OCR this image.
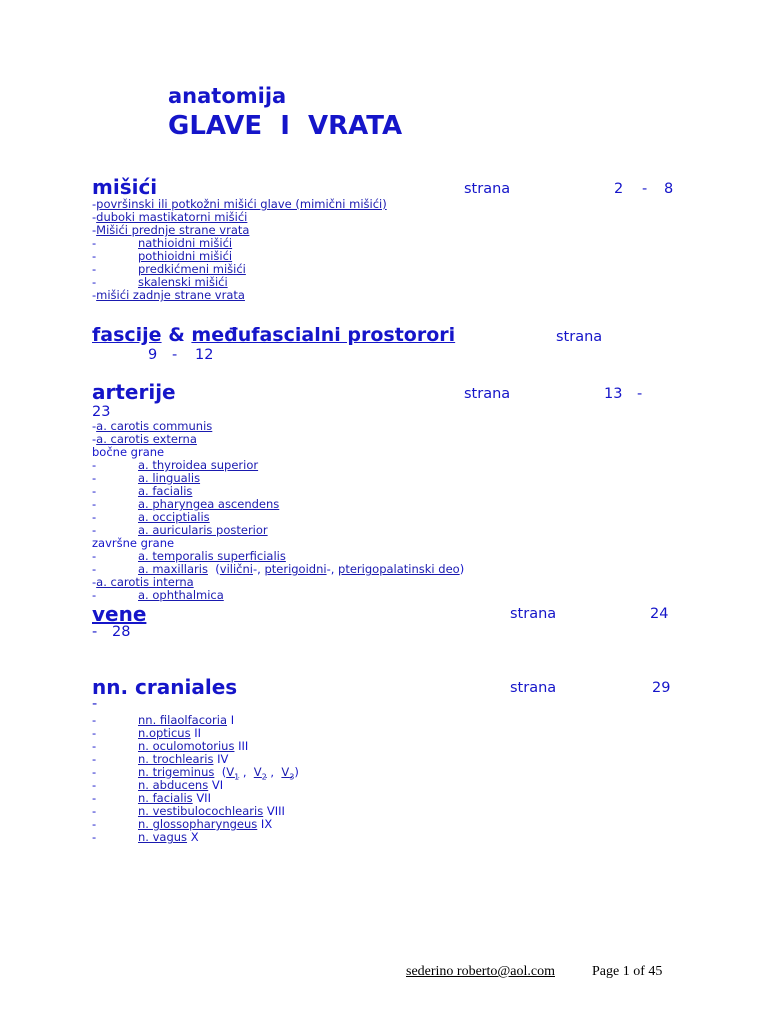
anatomija
GLAVE  I  VRATA
mišići	strana	2 - 8
-površinski ili potkožni mišići glave (mimični mišići)
-duboki mastikatorni mišići
-Mišići prednje strane vrata
-	nathioidni mišići
-	pothioidni mišići
-	predkićmeni mišići
-	skalenski mišići
-mišići zadnje strane vrata
fascije & međufascialni prostorori	strana
9 - 12
arterije	strana	13 -
23
-a. carotis communis
-a. carotis externa
bočne grane
-	a. thyroidea superior
-	a. lingualis
-	a. facialis
-	a. pharyngea ascendens
-	a. occiptialis
-	a. auricularis posterior
završne grane
-	a. temporalis superficialis
-	a. maxillaris (vilični-, pterigoidni-, pterigopalatinski deo)
-a. carotis interna
-	a. ophthalmica
vene	strana	24
- 28
nn. craniales	strana	29
-
-	nn. filaolfacoria I
-	n.opticus II
-	n. oculomotorius III
-	n. trochlearis IV
-	n. trigeminus ($V_1$ , $V_2$ , $V_3$)
-	n. abducens VI
-	n. facialis VII
-	n. vestibulocochlearis VIII
-	n. glossopharyngeus IX
-	n. vagus X
sederino roberto@aol.com	Page 1 of 45
